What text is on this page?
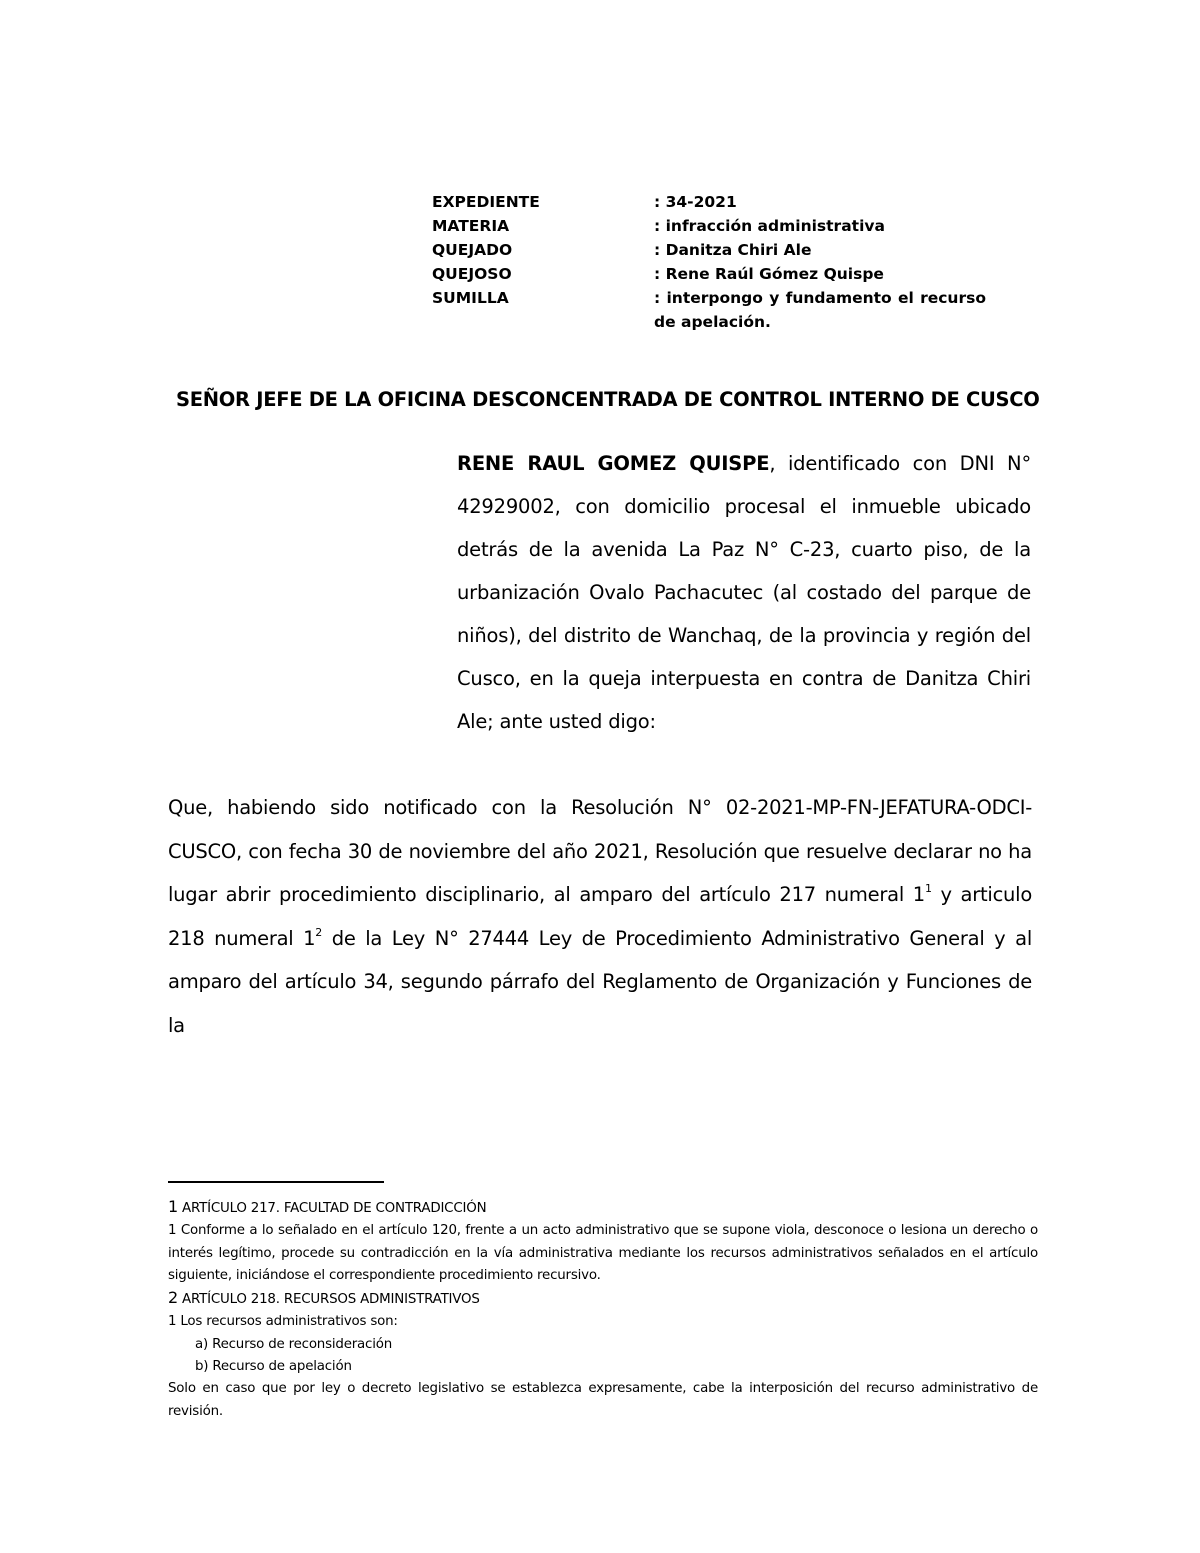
EXPEDIENTE	: 34-2021
MATERIA	: infracción administrativa
QUEJADO	: Danitza Chiri Ale
QUEJOSO	: Rene Raúl Gómez Quispe
SUMILLA	: interpongo y fundamento el recurso de apelación.
SEÑOR JEFE DE LA OFICINA DESCONCENTRADA DE CONTROL INTERNO DE CUSCO
RENE RAUL GOMEZ QUISPE, identificado con DNI N° 42929002, con domicilio procesal el inmueble ubicado detrás de la avenida La Paz N° C-23, cuarto piso, de la urbanización Ovalo Pachacutec (al costado del parque de niños), del distrito de Wanchaq, de la provincia y región del Cusco, en la queja interpuesta en contra de Danitza Chiri Ale; ante usted digo:
Que, habiendo sido notificado con la Resolución N° 02-2021-MP-FN-JEFATURA-ODCI-CUSCO, con fecha 30 de noviembre del año 2021, Resolución que resuelve declarar no ha lugar abrir procedimiento disciplinario, al amparo del artículo 217 numeral $1^1$ y articulo 218 numeral $1^2$ de la Ley N° 27444 Ley de Procedimiento Administrativo General y al amparo del artículo 34, segundo párrafo del Reglamento de Organización y Funciones de la
1 ARTÍCULO 217. FACULTAD DE CONTRADICCIÓN
1 Conforme a lo señalado en el artículo 120, frente a un acto administrativo que se supone viola, desconoce o lesiona un derecho o interés legítimo, procede su contradicción en la vía administrativa mediante los recursos administrativos señalados en el artículo siguiente, iniciándose el correspondiente procedimiento recursivo.
2 ARTÍCULO 218. RECURSOS ADMINISTRATIVOS
1 Los recursos administrativos son:
a) Recurso de reconsideración
b) Recurso de apelación
Solo en caso que por ley o decreto legislativo se establezca expresamente, cabe la interposición del recurso administrativo de revisión.
